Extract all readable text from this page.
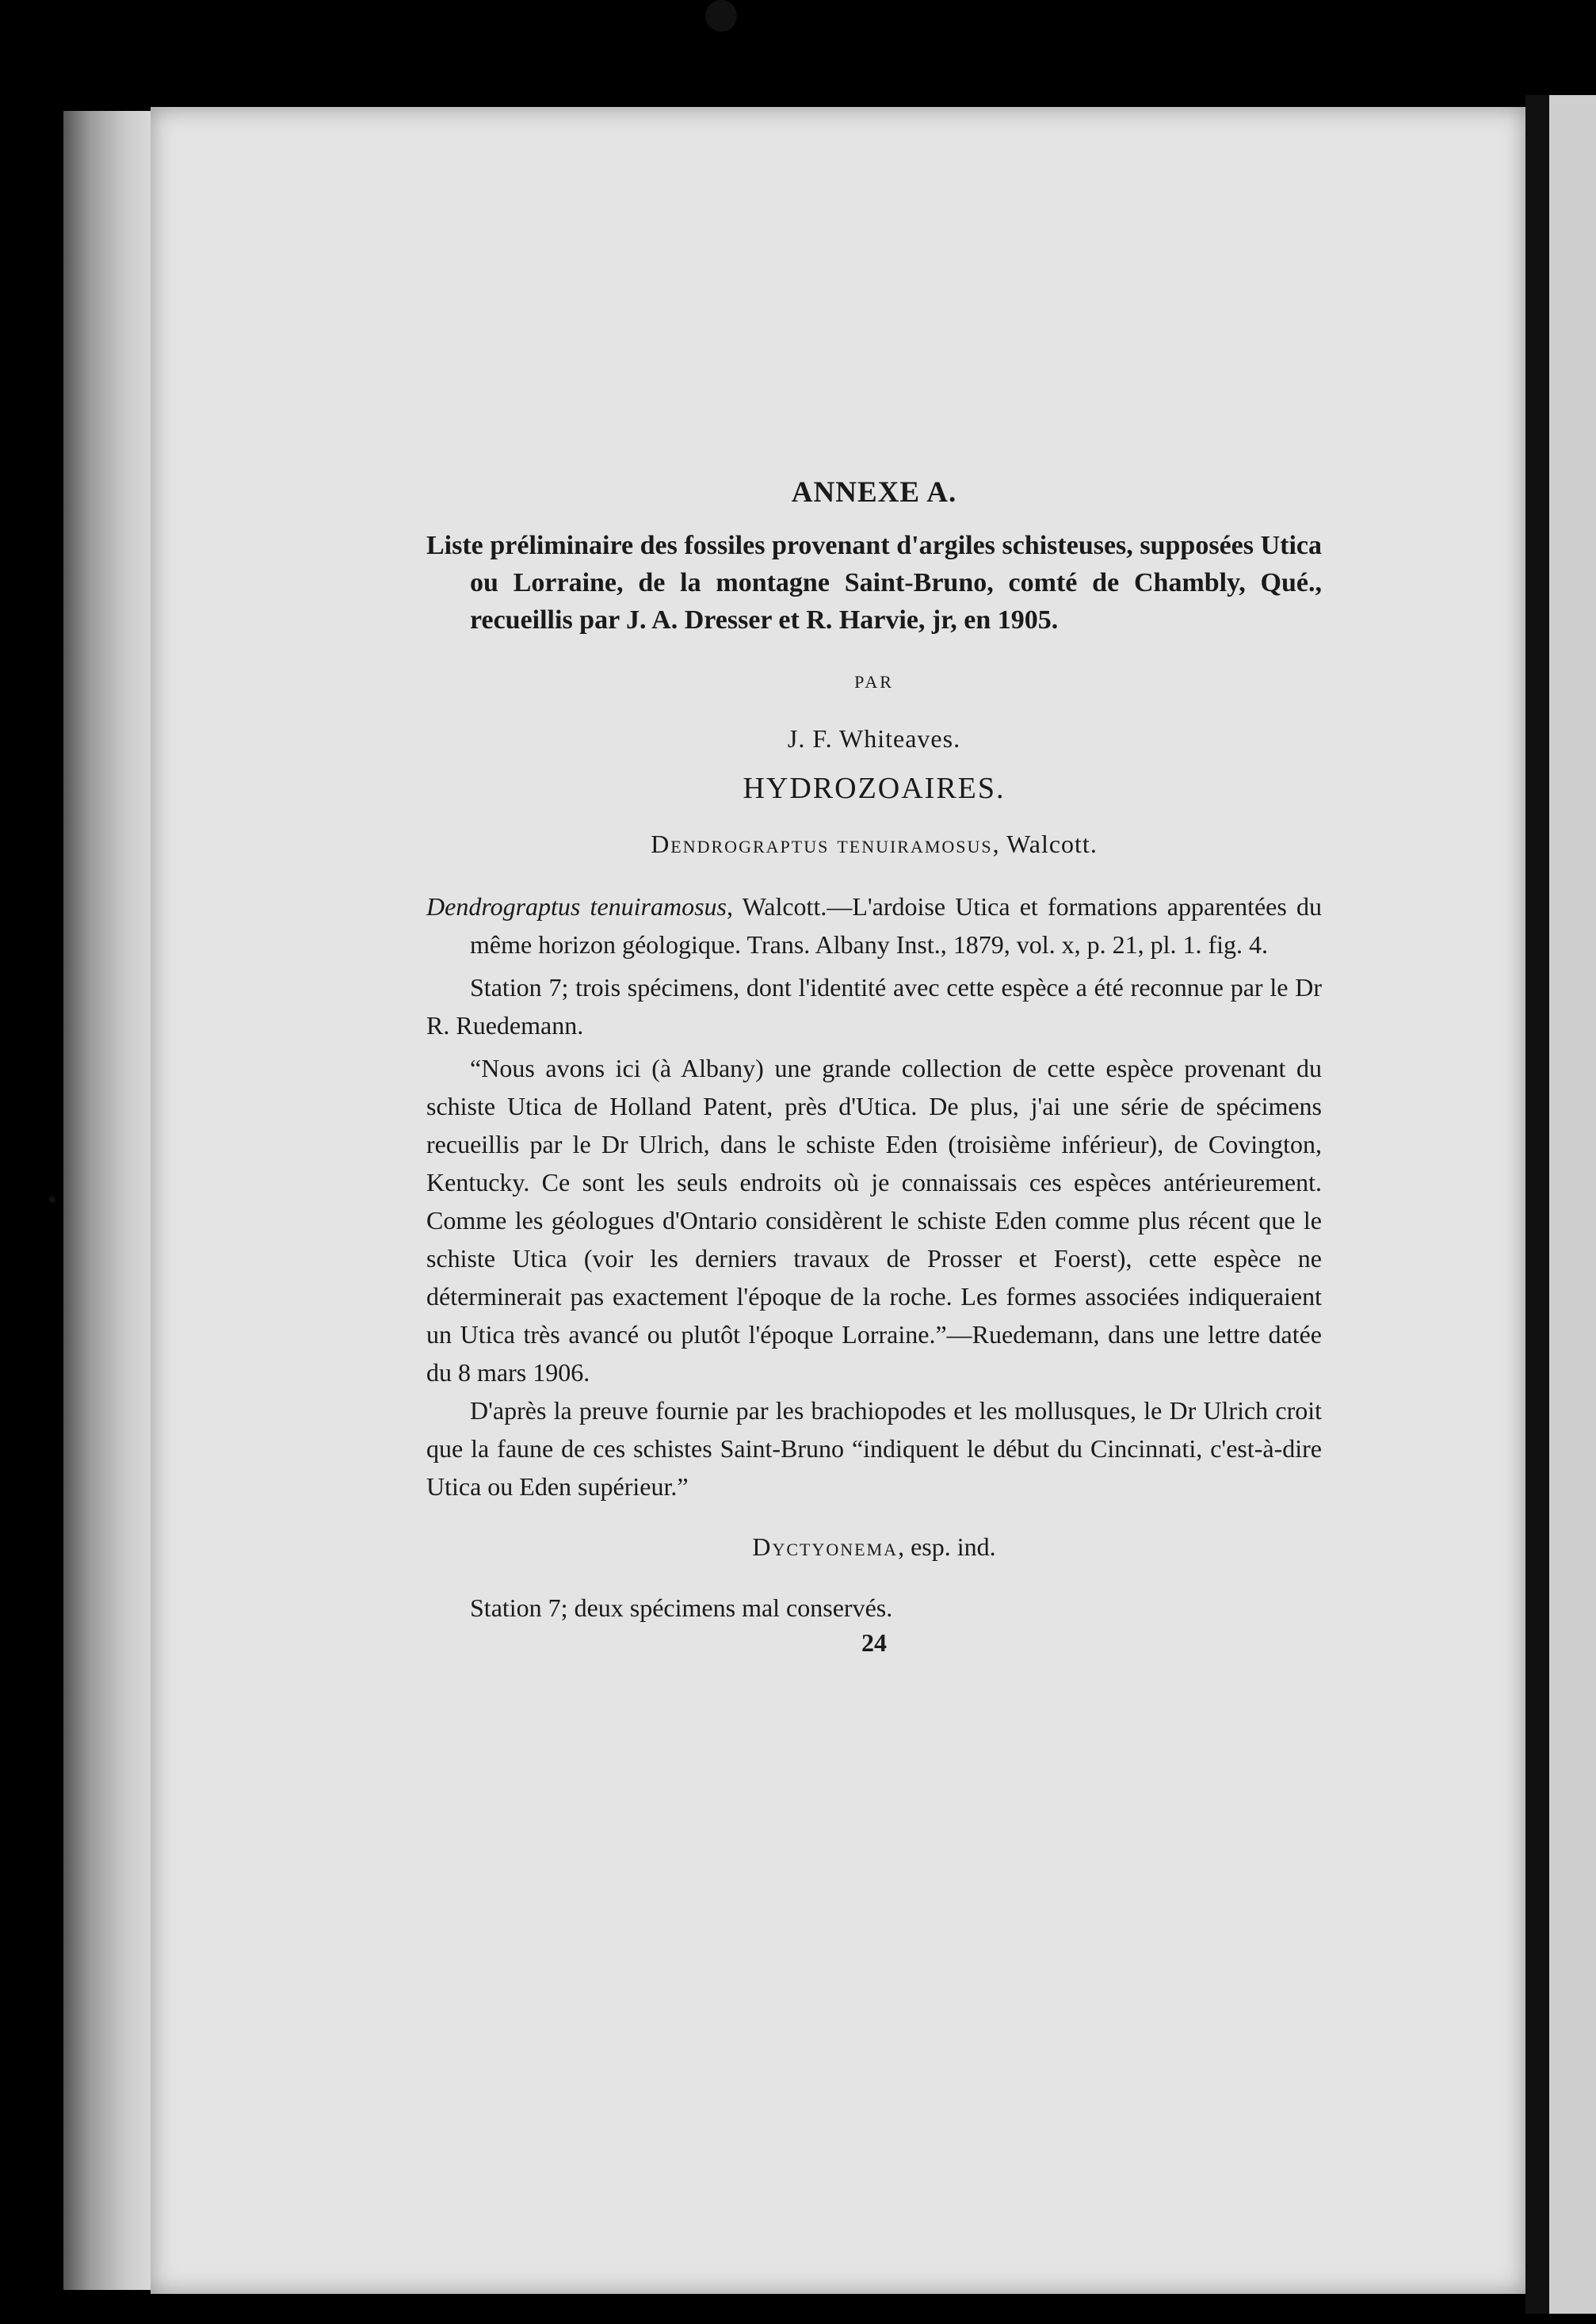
ANNEXE A.

Liste préliminaire des fossiles provenant d'argiles schisteuses, supposées Utica ou Lorraine, de la montagne Saint-Bruno, comté de Chambly, Qué., recueillis par J. A. Dresser et R. Harvie, jr, en 1905.

PAR
J. F. Whiteaves.
HYDROZOAIRES.
Dendrograptus tenuiramosus, Walcott.

Dendrograptus tenuiramosus, Walcott.—L'ardoise Utica et formations apparentées du même horizon géologique. Trans. Albany Inst., 1879, vol. x, p. 21, pl. 1. fig. 4.

Station 7; trois spécimens, dont l'identité avec cette espèce a été reconnue par le Dr R. Ruedemann.

“Nous avons ici (à Albany) une grande collection de cette espèce provenant du schiste Utica de Holland Patent, près d'Utica. De plus, j'ai une série de spécimens recueillis par le Dr Ulrich, dans le schiste Eden (troisième inférieur), de Covington, Kentucky. Ce sont les seuls endroits où je connaissais ces espèces antérieurement. Comme les géologues d'Ontario considèrent le schiste Eden comme plus récent que le schiste Utica (voir les derniers travaux de Prosser et Foerst), cette espèce ne déterminerait pas exactement l'époque de la roche. Les formes associées indiqueraient un Utica très avancé ou plutôt l'époque Lorraine.”—Ruedemann, dans une lettre datée du 8 mars 1906.

D'après la preuve fournie par les brachiopodes et les mollusques, le Dr Ulrich croit que la faune de ces schistes Saint-Bruno “indiquent le début du Cincinnati, c'est-à-dire Utica ou Eden supérieur.”

Dyctyonema, esp. ind.

Station 7; deux spécimens mal conservés.

24
